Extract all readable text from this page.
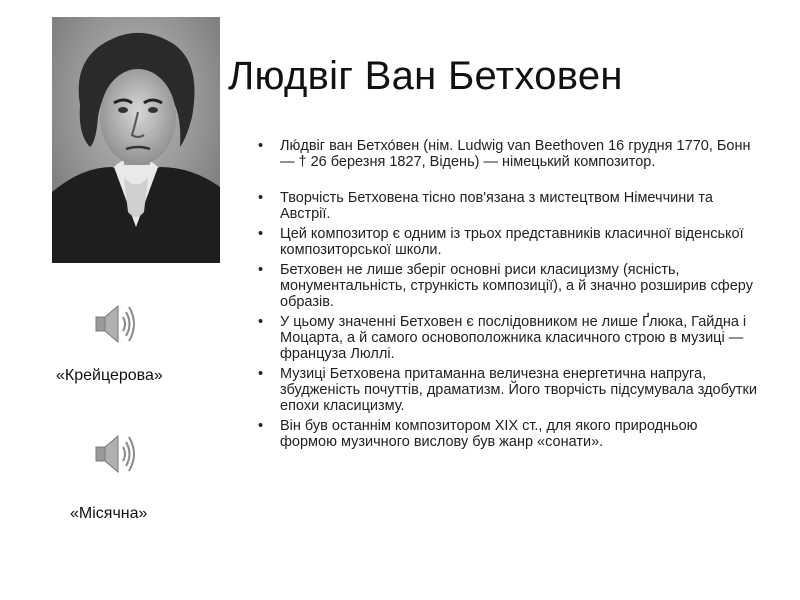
Людвіг Ван Бетховен
• Лю́двіг ван Бетхо́вен (нім. Ludwig van Beethoven 16 грудня 1770, Бонн — † 26 березня 1827, Відень) — німецький композитор.
• Творчість Бетховена тісно пов'язана з мистецтвом Німеччини та Австрії.
• Цей композитор є одним із трьох представників класичної віденської композиторської школи.
• Бетховен не лише зберіг основні риси класицизму (ясність, монументальність, стрункість композиції), а й значно розширив сферу образів.
• У цьому значенні Бетховен є послідовником не лише Ґлюка, Гайдна і Моцарта, а й самого основоположника класичного строю в музиці — француза Люллі.
• Музиці Бетховена притаманна величезна енергетична напруга, збудженість почуттів, драматизм. Його творчість підсумувала здобутки епохи класицизму.
• Він був останнім композитором XIX ст., для якого природньою формою музичного вислову був жанр «сонати».
«Крейцерова»
«Місячна»
